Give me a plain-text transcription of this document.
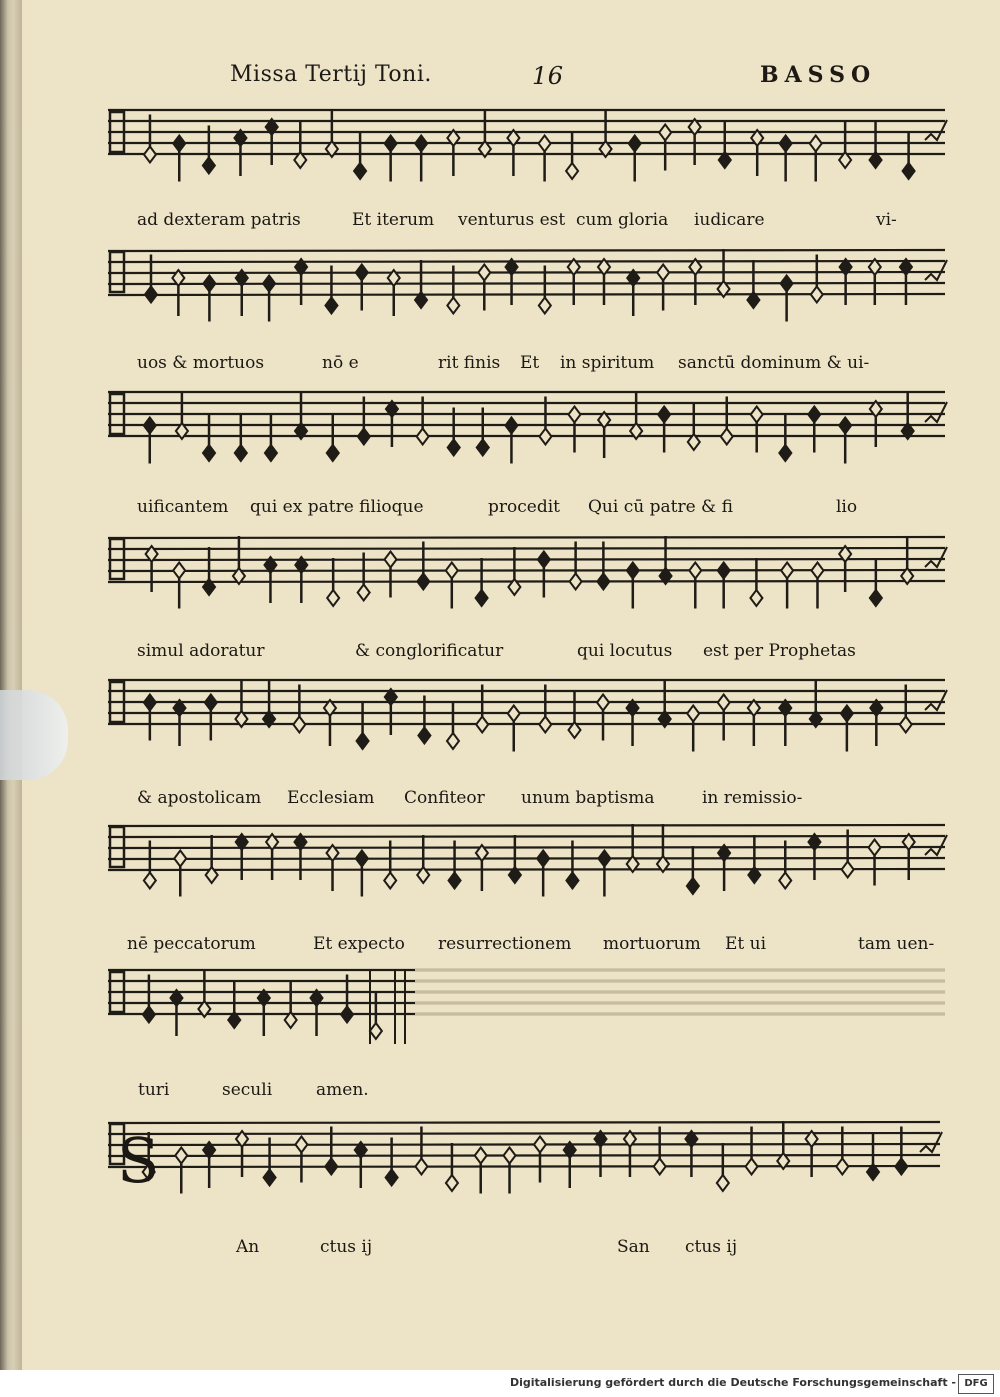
Missa Tertij Toni.	16	BASSO
S
ad dexteram patris	Et iterum venturus est cum gloria iudicare	vi-
uos & mortuos	nō e	rit finis Et in spiritum sanctū dominum & ui-
uificantem qui ex patre filioque	procedit Qui cū patre & fi	lio
simul adoratur	& conglorificatur	qui locutus est per Prophetas
& apostolicam Ecclesiam Confiteor unum baptisma	in remissio-
nē peccatorum	Et expecto resurrectionem mortuorum Et ui	tam uen-
turi	seculi	amen.
An	ctus ij	San ctus ij
Digitalisierung gefördert durch die Deutsche Forschungsgemeinschaft - DFG
